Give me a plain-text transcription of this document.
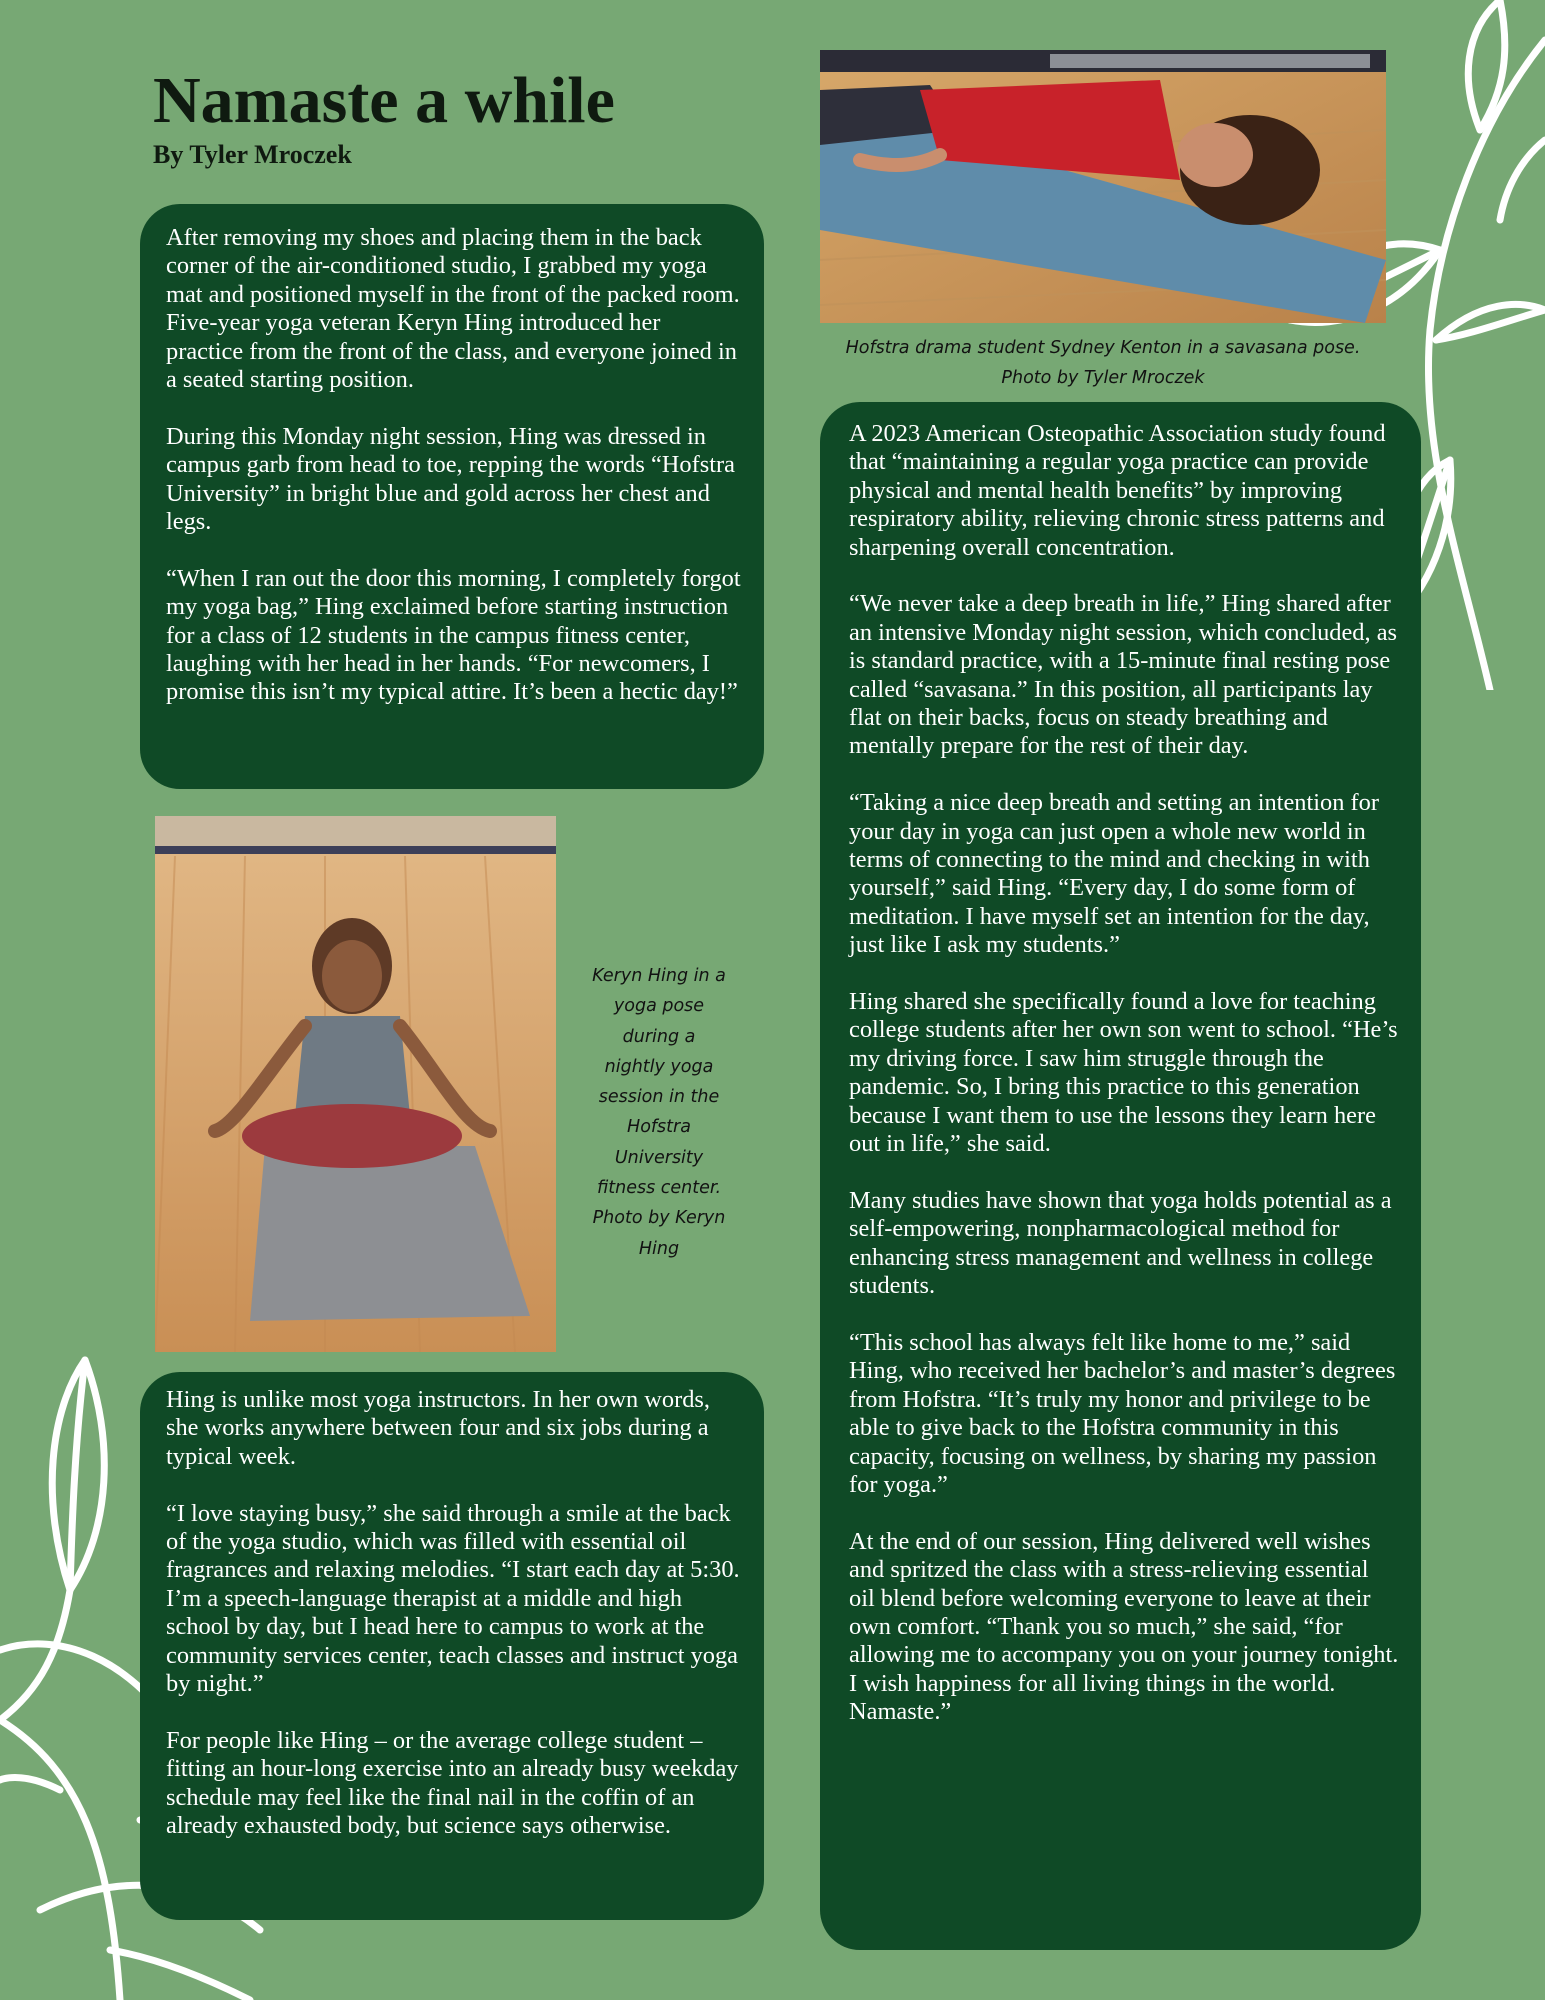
Namaste a while
By Tyler Mroczek
Hofstra drama student Sydney Kenton in a savasana pose.
Photo by Tyler Mroczek

After removing my shoes and placing them in the back corner of the air-conditioned studio, I grabbed my yoga mat and positioned myself in the front of the packed room. Five-year yoga veteran Keryn Hing introduced her practice from the front of the class, and everyone joined in a seated starting position.

During this Monday night session, Hing was dressed in campus garb from head to toe, repping the words “Hofstra University” in bright blue and gold across her chest and legs.

“When I ran out the door this morning, I completely forgot my yoga bag,” Hing exclaimed before starting instruction for a class of 12 students in the campus fitness center, laughing with her head in her hands. “For newcomers, I promise this isn’t my typical attire. It’s been a hectic day!”

Keryn Hing in a
yoga pose
during a
nightly yoga
session in the
Hofstra
University
fitness center.
Photo by Keryn
Hing

Hing is unlike most yoga instructors. In her own words, she works anywhere between four and six jobs during a typical week.

“I love staying busy,” she said through a smile at the back of the yoga studio, which was filled with essential oil fragrances and relaxing melodies. “I start each day at 5:30. I’m a speech-language therapist at a middle and high school by day, but I head here to campus to work at the community services center, teach classes and instruct yoga by night.”

For people like Hing – or the average college student – fitting an hour-long exercise into an already busy weekday schedule may feel like the final nail in the coffin of an already exhausted body, but science says otherwise.

A 2023 American Osteopathic Association study found that “maintaining a regular yoga practice can provide physical and mental health benefits” by improving respiratory ability, relieving chronic stress patterns and sharpening overall concentration.

“We never take a deep breath in life,” Hing shared after an intensive Monday night session, which concluded, as is standard practice, with a 15-minute final resting pose called “savasana.” In this position, all participants lay flat on their backs, focus on steady breathing and mentally prepare for the rest of their day.

“Taking a nice deep breath and setting an intention for your day in yoga can just open a whole new world in terms of connecting to the mind and checking in with yourself,” said Hing. “Every day, I do some form of meditation. I have myself set an intention for the day, just like I ask my students.”

Hing shared she specifically found a love for teaching college students after her own son went to school. “He’s my driving force. I saw him struggle through the pandemic. So, I bring this practice to this generation because I want them to use the lessons they learn here out in life,” she said.

Many studies have shown that yoga holds potential as a self-empowering, nonpharmacological method for enhancing stress management and wellness in college students.

“This school has always felt like home to me,” said Hing, who received her bachelor’s and master’s degrees from Hofstra. “It’s truly my honor and privilege to be able to give back to the Hofstra community in this capacity, focusing on wellness, by sharing my passion for yoga.”

At the end of our session, Hing delivered well wishes and spritzed the class with a stress-relieving essential oil blend before welcoming everyone to leave at their own comfort. “Thank you so much,” she said, “for allowing me to accompany you on your journey tonight. I wish happiness for all living things in the world. Namaste.”
